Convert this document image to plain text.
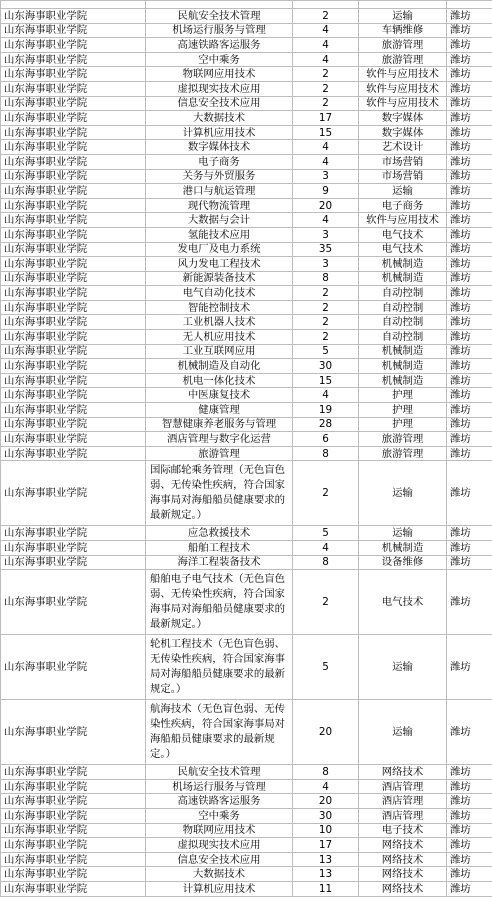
山东海事职业学院	民航安全技术管理	2	运输	潍坊
山东海事职业学院	机场运行服务与管理	4	车辆维修	潍坊
山东海事职业学院	高速铁路客运服务	4	旅游管理	潍坊
山东海事职业学院	空中乘务	4	旅游管理	潍坊
山东海事职业学院	物联网应用技术	2	软件与应用技术	潍坊
山东海事职业学院	虚拟现实技术应用	2	软件与应用技术	潍坊
山东海事职业学院	信息安全技术应用	2	软件与应用技术	潍坊
山东海事职业学院	大数据技术	17	数字媒体	潍坊
山东海事职业学院	计算机应用技术	15	数字媒体	潍坊
山东海事职业学院	数字媒体技术	4	艺术设计	潍坊
山东海事职业学院	电子商务	4	市场营销	潍坊
山东海事职业学院	关务与外贸服务	3	市场营销	潍坊
山东海事职业学院	港口与航运管理	9	运输	潍坊
山东海事职业学院	现代物流管理	20	电子商务	潍坊
山东海事职业学院	大数据与会计	4	软件与应用技术	潍坊
山东海事职业学院	氢能技术应用	3	电气技术	潍坊
山东海事职业学院	发电厂及电力系统	35	电气技术	潍坊
山东海事职业学院	风力发电工程技术	3	机械制造	潍坊
山东海事职业学院	新能源装备技术	8	机械制造	潍坊
山东海事职业学院	电气自动化技术	2	自动控制	潍坊
山东海事职业学院	智能控制技术	2	自动控制	潍坊
山东海事职业学院	工业机器人技术	2	自动控制	潍坊
山东海事职业学院	无人机应用技术	2	自动控制	潍坊
山东海事职业学院	工业互联网应用	5	机械制造	潍坊
山东海事职业学院	机械制造及自动化	30	机械制造	潍坊
山东海事职业学院	机电一体化技术	15	机械制造	潍坊
山东海事职业学院	中医康复技术	4	护理	潍坊
山东海事职业学院	健康管理	19	护理	潍坊
山东海事职业学院	智慧健康养老服务与管理	28	护理	潍坊
山东海事职业学院	酒店管理与数字化运营	6	旅游管理	潍坊
山东海事职业学院	旅游管理	8	旅游管理	潍坊
山东海事职业学院	国际邮轮乘务管理（无色盲色弱、无传染性疾病，符合国家海事局对海船船员健康要求的最新规定。）	2	运输	潍坊
山东海事职业学院	应急救援技术	5	运输	潍坊
山东海事职业学院	船舶工程技术	4	机械制造	潍坊
山东海事职业学院	海洋工程装备技术	8	设备维修	潍坊
山东海事职业学院	船舶电子电气技术（无色盲色弱、无传染性疾病，符合国家海事局对海船船员健康要求的最新规定。）	2	电气技术	潍坊
山东海事职业学院	轮机工程技术（无色盲色弱、无传染性疾病，符合国家海事局对海船船员健康要求的最新规定。）	5	运输	潍坊
山东海事职业学院	航海技术（无色盲色弱、无传染性疾病，符合国家海事局对海船船员健康要求的最新规定。）	20	运输	潍坊
山东海事职业学院	民航安全技术管理	8	网络技术	潍坊
山东海事职业学院	机场运行服务与管理	4	酒店管理	潍坊
山东海事职业学院	高速铁路客运服务	20	酒店管理	潍坊
山东海事职业学院	空中乘务	30	酒店管理	潍坊
山东海事职业学院	物联网应用技术	10	电子技术	潍坊
山东海事职业学院	虚拟现实技术应用	17	网络技术	潍坊
山东海事职业学院	信息安全技术应用	13	网络技术	潍坊
山东海事职业学院	大数据技术	13	网络技术	潍坊
山东海事职业学院	计算机应用技术	11	网络技术	潍坊
